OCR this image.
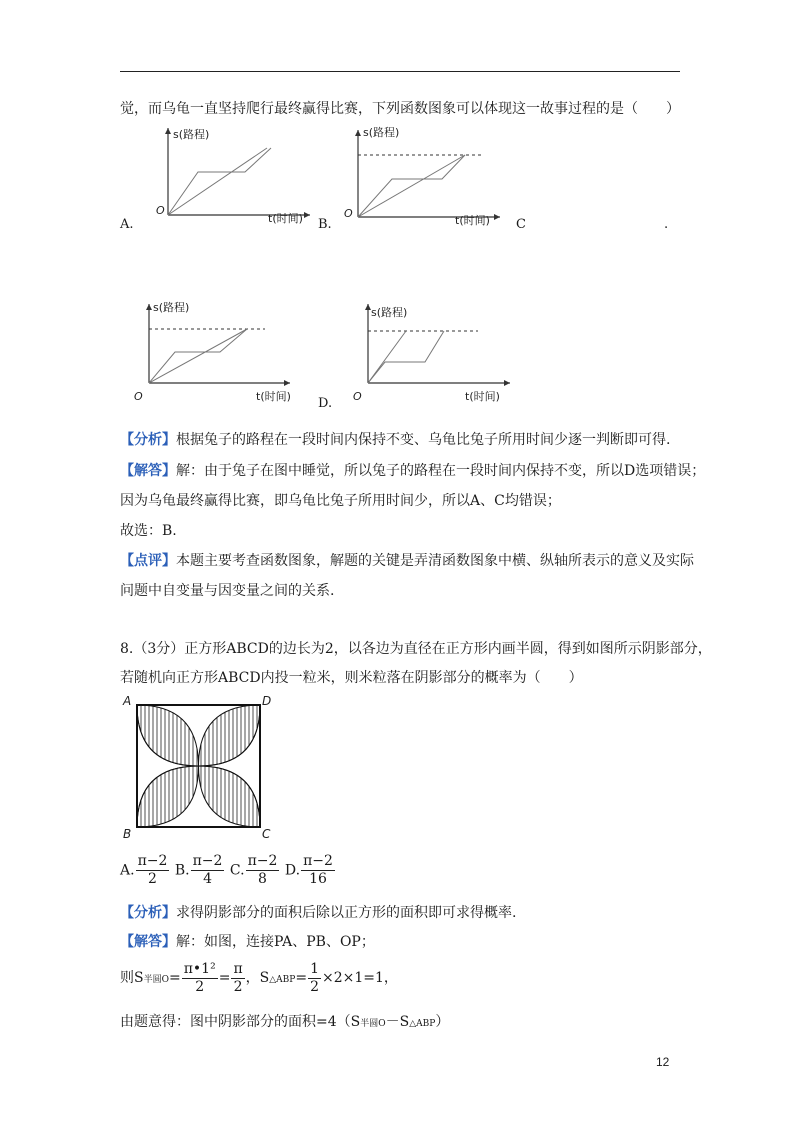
觉，而乌龟一直坚持爬行最终赢得比赛，下列函数图象可以体现这一故事过程的是（　　）
s(路程)
t(时间)
O
A.
s(路程)
t(时间)
O
B.	C	.
s(路程)
t(时间)
O
s(路程)
t(时间)
O
D.
【分析】根据兔子的路程在一段时间内保持不变、乌龟比兔子所用时间少逐一判断即可得.
【解答】解：由于兔子在图中睡觉，所以兔子的路程在一段时间内保持不变，所以D选项错误；
因为乌龟最终赢得比赛，即乌龟比兔子所用时间少，所以A、C均错误；
故选：B.
【点评】本题主要考查函数图象，解题的关键是弄清函数图象中横、纵轴所表示的意义及实际
问题中自变量与因变量之间的关系.
8.（3分）正方形ABCD的边长为2，以各边为直径在正方形内画半圆，得到如图所示阴影部分，
若随机向正方形ABCD内投一粒米，则米粒落在阴影部分的概率为（　　）
A	D
B	C
A. $\frac{\pi-2}{2} B$. $\frac{\pi-2}{4} C$. $\frac{\pi-2}{8} D$. $\frac{\pi-2}{16}$
【分析】求得阴影部分的面积后除以正方形的面积即可求得概率.
【解答】解：如图，连接PA、PB、OP；
则S半圆$O= \frac{\text{π•1²}}{2} = \frac{\pi}{2}$ ，S△ABP= $\frac{1}{2} \times 2\times 1=1$，
由题意得：图中阴影部分的面积=4（S半圆O－S△ABP）
12
